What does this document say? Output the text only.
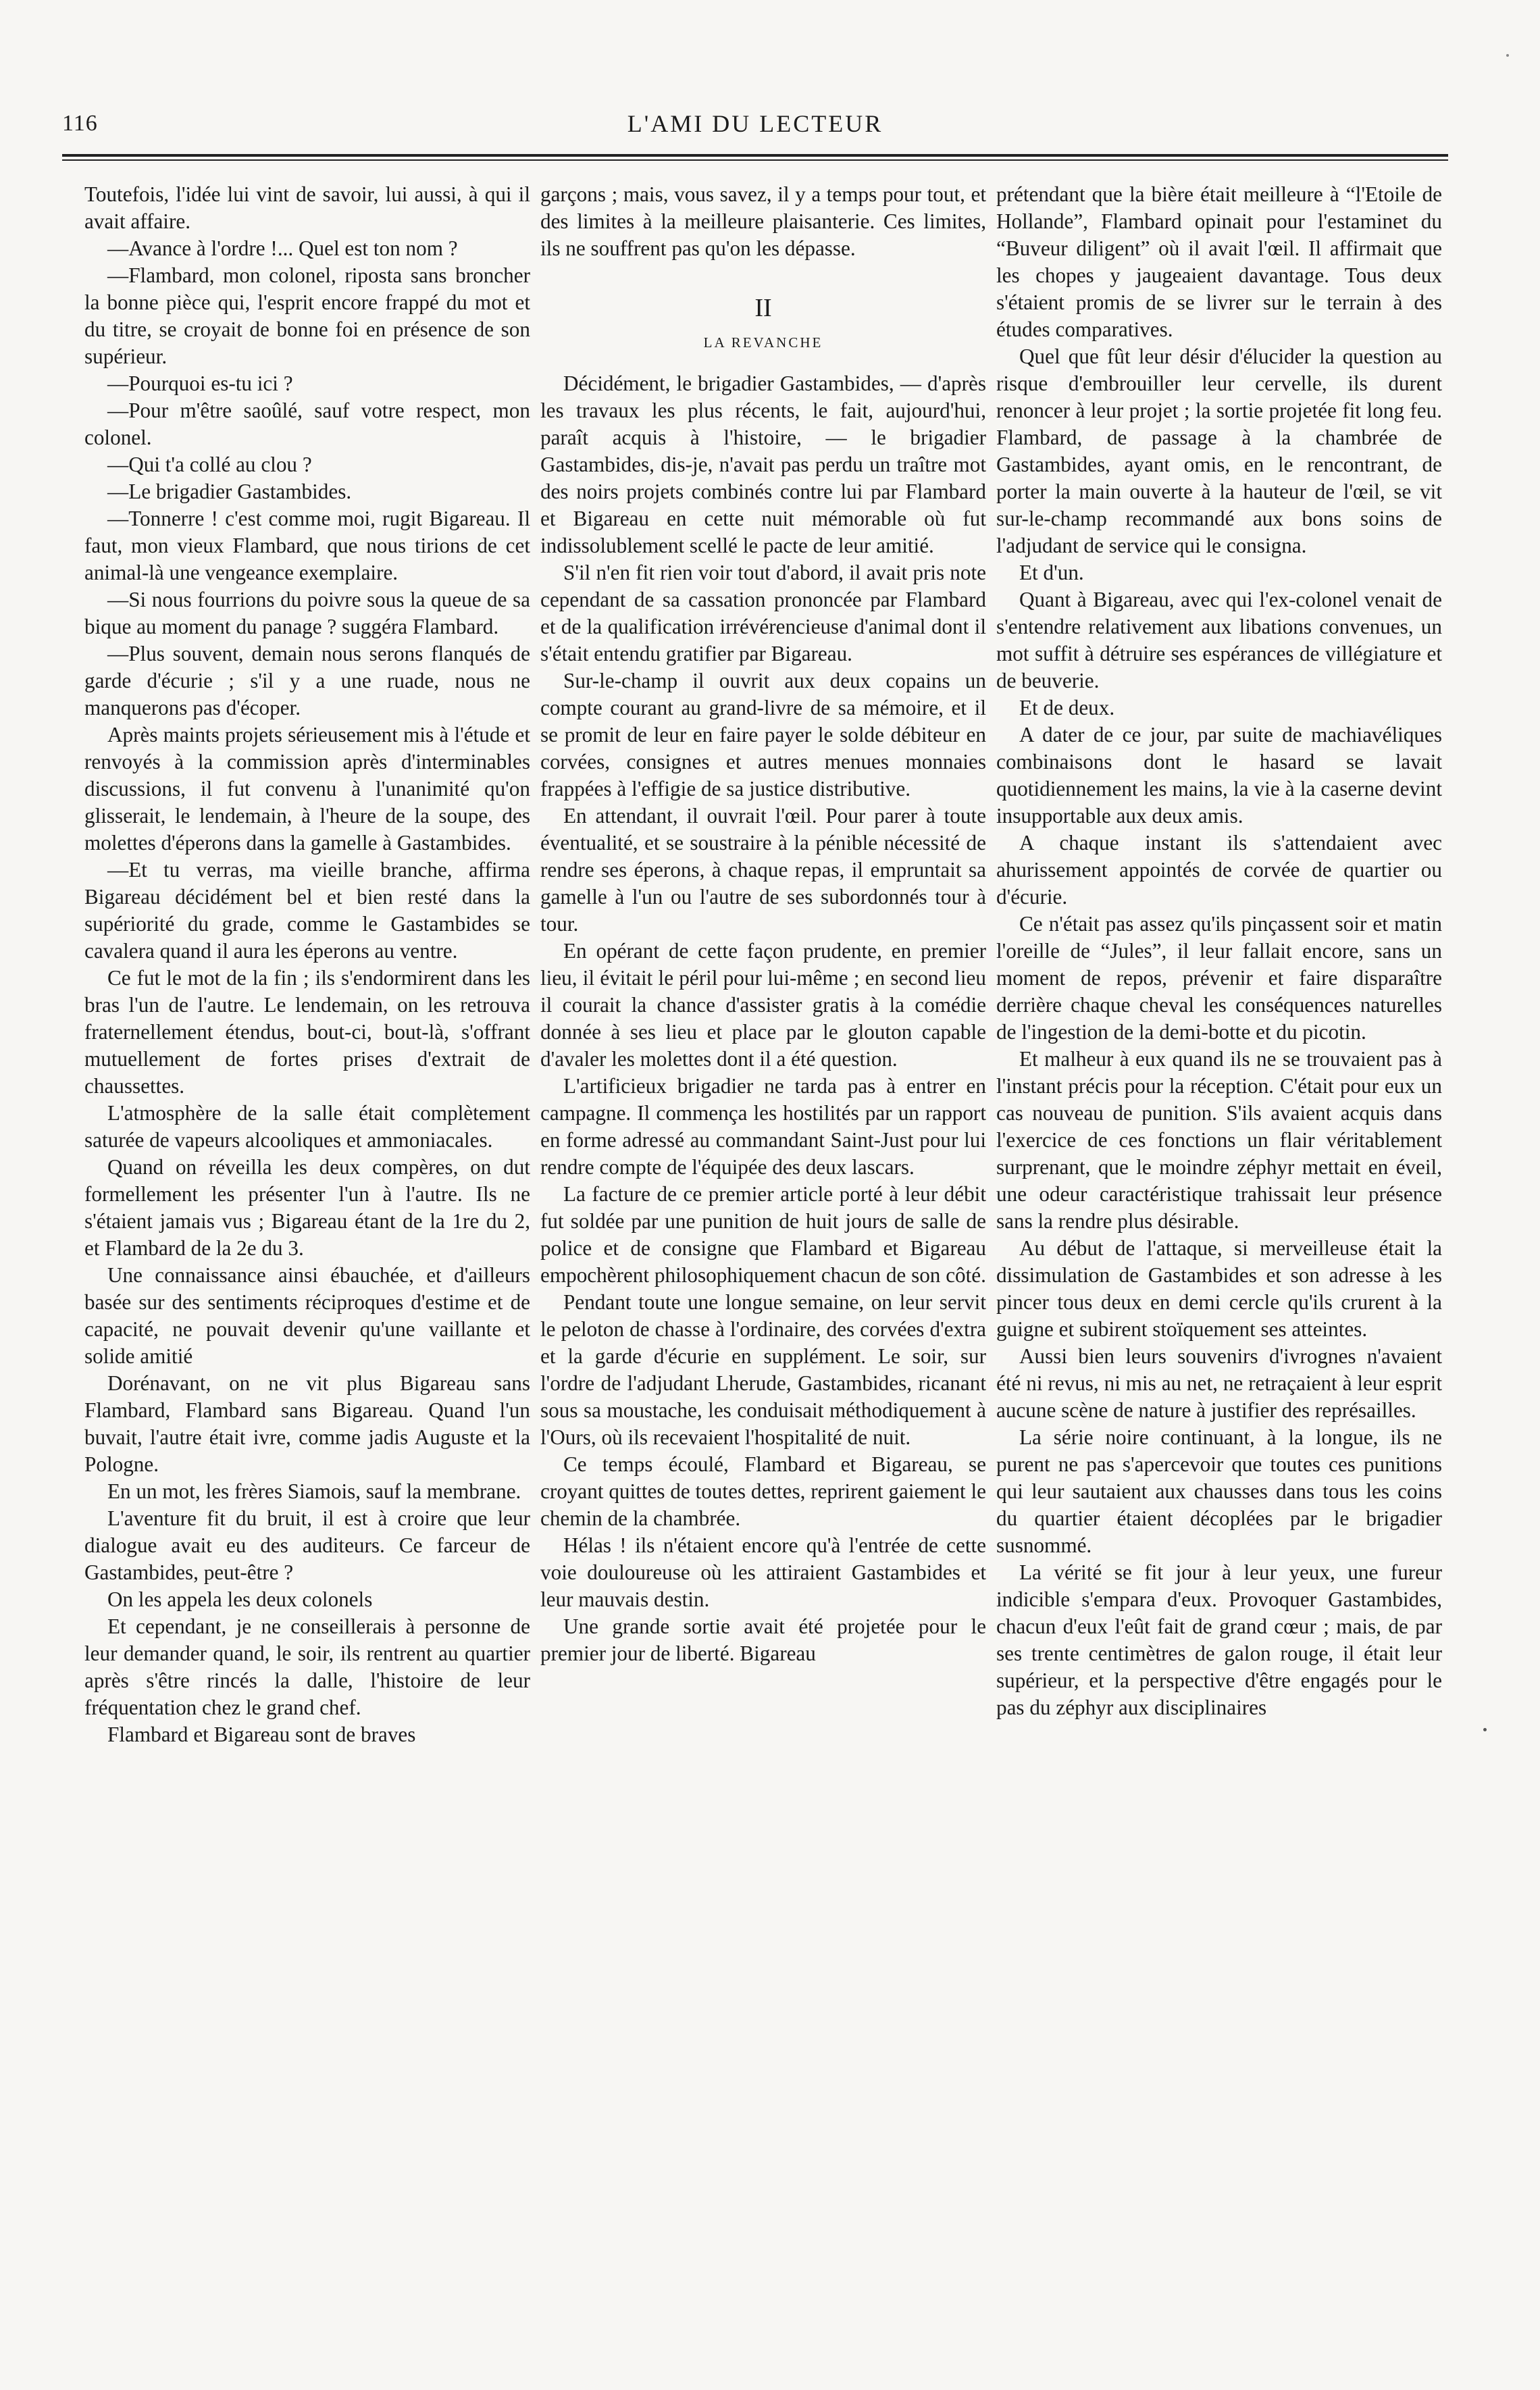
116	L'AMI DU LECTEUR

Toutefois, l'idée lui vint de savoir, lui aussi, à qui il avait affaire.

—Avance à l'ordre !... Quel est ton nom ?

—Flambard, mon colonel, riposta sans broncher la bonne pièce qui, l'esprit encore frappé du mot et du titre, se croyait de bonne foi en présence de son supérieur.

—Pourquoi es-tu ici ?

—Pour m'être saoûlé, sauf votre respect, mon colonel.

—Qui t'a collé au clou ?

—Le brigadier Gastambides.

—Tonnerre ! c'est comme moi, rugit Bigareau. Il faut, mon vieux Flambard, que nous tirions de cet animal-là une vengeance exemplaire.

—Si nous fourrions du poivre sous la queue de sa bique au moment du panage ? suggéra Flambard.

—Plus souvent, demain nous serons flanqués de garde d'écurie ; s'il y a une ruade, nous ne manquerons pas d'écoper.

Après maints projets sérieusement mis à l'étude et renvoyés à la commission après d'interminables discussions, il fut convenu à l'unanimité qu'on glisserait, le lendemain, à l'heure de la soupe, des molettes d'éperons dans la gamelle à Gastambides.

—Et tu verras, ma vieille branche, affirma Bigareau décidément bel et bien resté dans la supériorité du grade, comme le Gastambides se cavalera quand il aura les éperons au ventre.

Ce fut le mot de la fin ; ils s'endormirent dans les bras l'un de l'autre. Le lendemain, on les retrouva fraternellement étendus, bout-ci, bout-là, s'offrant mutuellement de fortes prises d'extrait de chaussettes.

L'atmosphère de la salle était complètement saturée de vapeurs alcooliques et ammoniacales.

Quand on réveilla les deux compères, on dut formellement les présenter l'un à l'autre. Ils ne s'étaient jamais vus ; Bigareau étant de la 1re du 2, et Flambard de la 2e du 3.

Une connaissance ainsi ébauchée, et d'ailleurs basée sur des sentiments réciproques d'estime et de capacité, ne pouvait devenir qu'une vaillante et solide amitié

Dorénavant, on ne vit plus Bigareau sans Flambard, Flambard sans Bigareau. Quand l'un buvait, l'autre était ivre, comme jadis Auguste et la Pologne.

En un mot, les frères Siamois, sauf la membrane.

L'aventure fit du bruit, il est à croire que leur dialogue avait eu des auditeurs. Ce farceur de Gastambides, peut-être ?

On les appela les deux colonels

Et cependant, je ne conseillerais à personne de leur demander quand, le soir, ils rentrent au quartier après s'être rincés la dalle, l'histoire de leur fréquentation chez le grand chef.

Flambard et Bigareau sont de braves

garçons ; mais, vous savez, il y a temps pour tout, et des limites à la meilleure plaisanterie. Ces limites, ils ne souffrent pas qu'on les dépasse.

II
LA REVANCHE

Décidément, le brigadier Gastambides, — d'après les travaux les plus récents, le fait, aujourd'hui, paraît acquis à l'histoire, — le brigadier Gastambides, dis-je, n'avait pas perdu un traître mot des noirs projets combinés contre lui par Flambard et Bigareau en cette nuit mémorable où fut indissolublement scellé le pacte de leur amitié.

S'il n'en fit rien voir tout d'abord, il avait pris note cependant de sa cassation prononcée par Flambard et de la qualification irrévérencieuse d'animal dont il s'était entendu gratifier par Bigareau.

Sur-le-champ il ouvrit aux deux copains un compte courant au grand-livre de sa mémoire, et il se promit de leur en faire payer le solde débiteur en corvées, consignes et autres menues monnaies frappées à l'effigie de sa justice distributive.

En attendant, il ouvrait l'œil. Pour parer à toute éventualité, et se soustraire à la pénible nécessité de rendre ses éperons, à chaque repas, il empruntait sa gamelle à l'un ou l'autre de ses subordonnés tour à tour.

En opérant de cette façon prudente, en premier lieu, il évitait le péril pour lui-même ; en second lieu il courait la chance d'assister gratis à la comédie donnée à ses lieu et place par le glouton capable d'avaler les molettes dont il a été question.

L'artificieux brigadier ne tarda pas à entrer en campagne. Il commença les hostilités par un rapport en forme adressé au commandant Saint-Just pour lui rendre compte de l'équipée des deux lascars.

La facture de ce premier article porté à leur débit fut soldée par une punition de huit jours de salle de police et de consigne que Flambard et Bigareau empochèrent philosophiquement chacun de son côté.

Pendant toute une longue semaine, on leur servit le peloton de chasse à l'ordinaire, des corvées d'extra et la garde d'écurie en supplément. Le soir, sur l'ordre de l'adjudant Lherude, Gastambides, ricanant sous sa moustache, les conduisait méthodiquement à l'Ours, où ils recevaient l'hospitalité de nuit.

Ce temps écoulé, Flambard et Bigareau, se croyant quittes de toutes dettes, reprirent gaiement le chemin de la chambrée.

Hélas ! ils n'étaient encore qu'à l'entrée de cette voie douloureuse où les attiraient Gastambides et leur mauvais destin.

Une grande sortie avait été projetée pour le premier jour de liberté. Bigareau

prétendant que la bière était meilleure à “l'Etoile de Hollande”, Flambard opinait pour l'estaminet du “Buveur diligent” où il avait l'œil. Il affirmait que les chopes y jaugeaient davantage. Tous deux s'étaient promis de se livrer sur le terrain à des études comparatives.

Quel que fût leur désir d'élucider la question au risque d'embrouiller leur cervelle, ils durent renoncer à leur projet ; la sortie projetée fit long feu. Flambard, de passage à la chambrée de Gastambides, ayant omis, en le rencontrant, de porter la main ouverte à la hauteur de l'œil, se vit sur-le-champ recommandé aux bons soins de l'adjudant de service qui le consigna.

Et d'un.

Quant à Bigareau, avec qui l'ex-colonel venait de s'entendre relativement aux libations convenues, un mot suffit à détruire ses espérances de villégiature et de beuverie.

Et de deux.

A dater de ce jour, par suite de machiavéliques combinaisons dont le hasard se lavait quotidiennement les mains, la vie à la caserne devint insupportable aux deux amis.

A chaque instant ils s'attendaient avec ahurissement appointés de corvée de quartier ou d'écurie.

Ce n'était pas assez qu'ils pinçassent soir et matin l'oreille de “Jules”, il leur fallait encore, sans un moment de repos, prévenir et faire disparaître derrière chaque cheval les conséquences naturelles de l'ingestion de la demi-botte et du picotin.

Et malheur à eux quand ils ne se trouvaient pas à l'instant précis pour la réception. C'était pour eux un cas nouveau de punition. S'ils avaient acquis dans l'exercice de ces fonctions un flair véritablement surprenant, que le moindre zéphyr mettait en éveil, une odeur caractéristique trahissait leur présence sans la rendre plus désirable.

Au début de l'attaque, si merveilleuse était la dissimulation de Gastambides et son adresse à les pincer tous deux en demi cercle qu'ils crurent à la guigne et subirent stoïquement ses atteintes.

Aussi bien leurs souvenirs d'ivrognes n'avaient été ni revus, ni mis au net, ne retraçaient à leur esprit aucune scène de nature à justifier des représailles.

La série noire continuant, à la longue, ils ne purent ne pas s'apercevoir que toutes ces punitions qui leur sautaient aux chausses dans tous les coins du quartier étaient décoplées par le brigadier susnommé.

La vérité se fit jour à leur yeux, une fureur indicible s'empara d'eux. Provoquer Gastambides, chacun d'eux l'eût fait de grand cœur ; mais, de par ses trente centimètres de galon rouge, il était leur supérieur, et la perspective d'être engagés pour le pas du zéphyr aux disciplinaires
